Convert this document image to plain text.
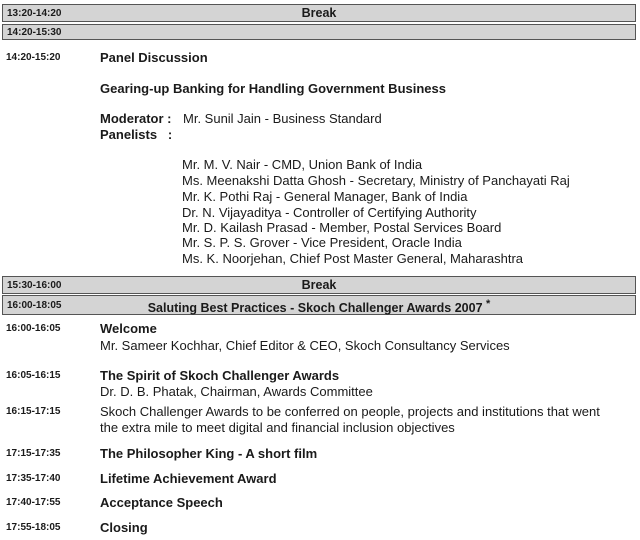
13:20-14:20	Break
14:20-15:30
14:20-15:20	Panel Discussion
Gearing-up Banking for Handling Government Business
Moderator : Mr. Sunil Jain - Business Standard
Panelists   :
Mr. M. V. Nair - CMD, Union Bank of India
Ms. Meenakshi Datta Ghosh - Secretary, Ministry of Panchayati Raj
Mr. K. Pothi Raj - General Manager, Bank of India
Dr. N. Vijayaditya - Controller of Certifying Authority
Mr. D. Kailash Prasad - Member, Postal Services Board
Mr. S. P. S. Grover - Vice President, Oracle India
Ms. K. Noorjehan, Chief Post Master General, Maharashtra
15:30-16:00	Break
16:00-18:05	Saluting Best Practices - Skoch Challenger Awards 2007 *
16:00-16:05	Welcome
Mr. Sameer Kochhar, Chief Editor & CEO, Skoch Consultancy Services
16:05-16:15	The Spirit of Skoch Challenger Awards
Dr. D. B. Phatak, Chairman, Awards Committee
16:15-17:15	Skoch Challenger Awards to be conferred on people, projects and institutions that went
the extra mile to meet digital and financial inclusion objectives
17:15-17:35	The Philosopher King - A short film
17:35-17:40	Lifetime Achievement Award
17:40-17:55	Acceptance Speech
17:55-18:05	Closing
